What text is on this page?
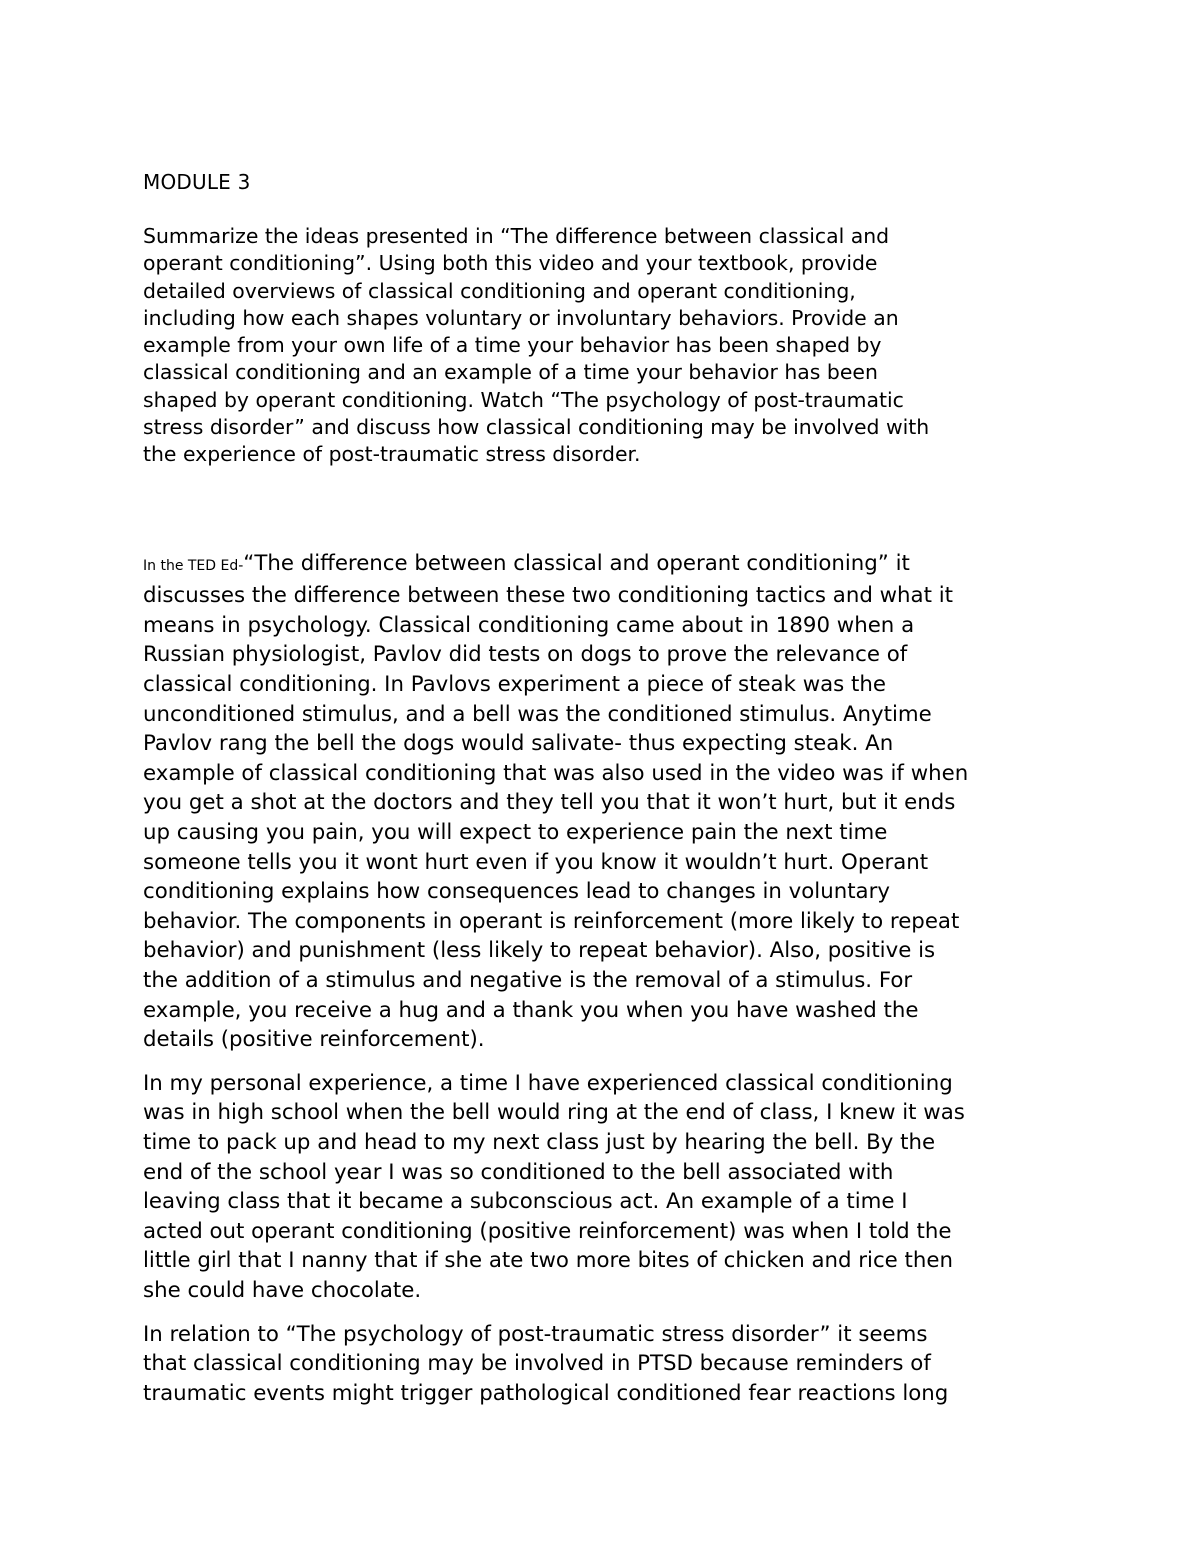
MODULE 3

Summarize the ideas presented in “The difference between classical and
operant conditioning”. Using both this video and your textbook, provide
detailed overviews of classical conditioning and operant conditioning,
including how each shapes voluntary or involuntary behaviors. Provide an
example from your own life of a time your behavior has been shaped by
classical conditioning and an example of a time your behavior has been
shaped by operant conditioning. Watch “The psychology of post-traumatic
stress disorder” and discuss how classical conditioning may be involved with
the experience of post-traumatic stress disorder.

In the TED Ed-“The difference between classical and operant conditioning” it
discusses the difference between these two conditioning tactics and what it
means in psychology. Classical conditioning came about in 1890 when a
Russian physiologist, Pavlov did tests on dogs to prove the relevance of
classical conditioning. In Pavlovs experiment a piece of steak was the
unconditioned stimulus, and a bell was the conditioned stimulus. Anytime
Pavlov rang the bell the dogs would salivate- thus expecting steak. An
example of classical conditioning that was also used in the video was if when
you get a shot at the doctors and they tell you that it won’t hurt, but it ends
up causing you pain, you will expect to experience pain the next time
someone tells you it wont hurt even if you know it wouldn’t hurt. Operant
conditioning explains how consequences lead to changes in voluntary
behavior. The components in operant is reinforcement (more likely to repeat
behavior) and punishment (less likely to repeat behavior). Also, positive is
the addition of a stimulus and negative is the removal of a stimulus. For
example, you receive a hug and a thank you when you have washed the
details (positive reinforcement).

In my personal experience, a time I have experienced classical conditioning
was in high school when the bell would ring at the end of class, I knew it was
time to pack up and head to my next class just by hearing the bell. By the
end of the school year I was so conditioned to the bell associated with
leaving class that it became a subconscious act. An example of a time I
acted out operant conditioning (positive reinforcement) was when I told the
little girl that I nanny that if she ate two more bites of chicken and rice then
she could have chocolate.

In relation to “The psychology of post-traumatic stress disorder” it seems
that classical conditioning may be involved in PTSD because reminders of
traumatic events might trigger pathological conditioned fear reactions long
